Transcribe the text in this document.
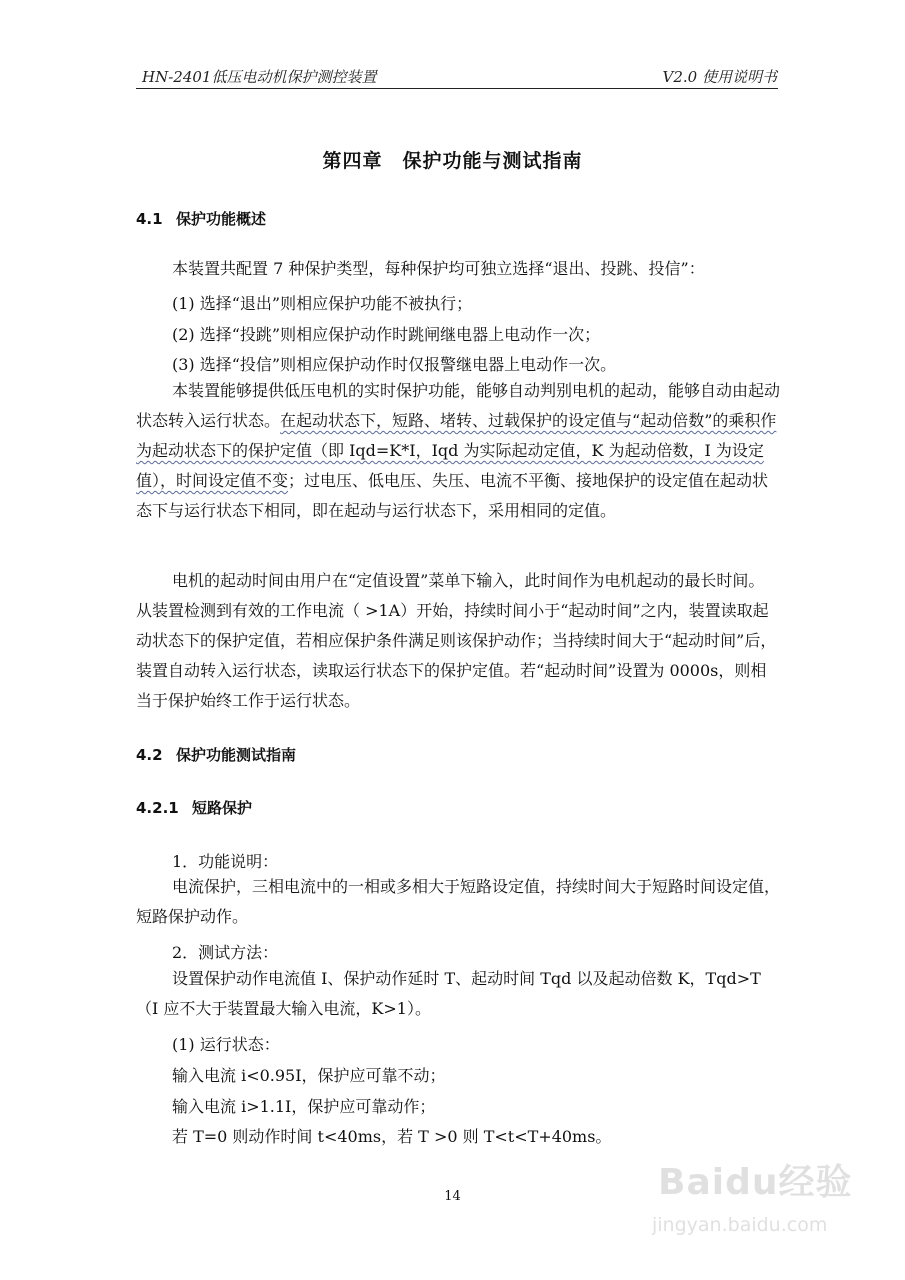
HN-2401低压电动机保护测控装置	V2.0 使用说明书
第四章　保护功能与测试指南
4.1 保护功能概述

本装置共配置 7 种保护类型，每种保护均可独立选择“退出、投跳、投信”：

(1) 选择“退出”则相应保护功能不被执行；
(2) 选择“投跳”则相应保护动作时跳闸继电器上电动作一次；
(3) 选择“投信”则相应保护动作时仅报警继电器上电动作一次。

本装置能够提供低压电机的实时保护功能，能够自动判别电机的起动，能够自动由起动状态转入运行状态。在起动状态下，短路、堵转、过载保护的设定值与“起动倍数”的乘积作为起动状态下的保护定值（即 Iqd=K*I，Iqd 为实际起动定值，K 为起动倍数，I 为设定值），时间设定值不变；过电压、低电压、失压、电流不平衡、接地保护的设定值在起动状态下与运行状态下相同，即在起动与运行状态下，采用相同的定值。

电机的起动时间由用户在“定值设置”菜单下输入，此时间作为电机起动的最长时间。从装置检测到有效的工作电流（ >1A）开始，持续时间小于“起动时间”之内，装置读取起动状态下的保护定值，若相应保护条件满足则该保护动作；当持续时间大于“起动时间”后，装置自动转入运行状态，读取运行状态下的保护定值。若“起动时间”设置为 0000s，则相当于保护始终工作于运行状态。

4.2 保护功能测试指南
4.2.1 短路保护
1．功能说明：

电流保护，三相电流中的一相或多相大于短路设定值，持续时间大于短路时间设定值，短路保护动作。

2．测试方法：

设置保护动作电流值 I、保护动作延时 T、起动时间 Tqd 以及起动倍数 K，Tqd>T（I 应不大于装置最大输入电流，K>1）。

(1) 运行状态：
输入电流 i<0.95I，保护应可靠不动；
输入电流 i>1.1I，保护应可靠动作；
若 T=0 则动作时间 t<40ms，若 T >0 则 T<t<T+40ms。
14	Baidu经验
jingyan.baidu.com
